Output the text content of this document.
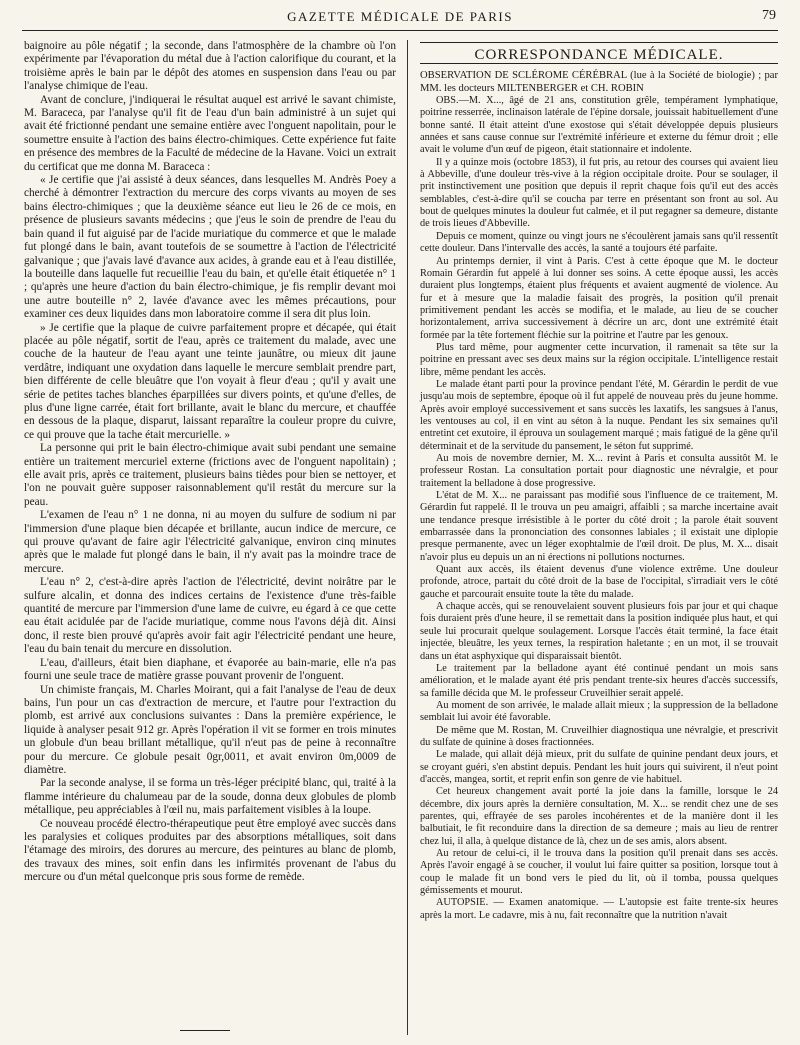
GAZETTE MÉDICALE DE PARIS	79

baignoire au pôle négatif ; la seconde, dans l'atmosphère de la chambre où l'on expérimente par l'évaporation du métal due à l'action calorifique du courant, et la troisième après le bain par le dépôt des atomes en suspension dans l'eau ou par l'analyse chimique de l'eau.

Avant de conclure, j'indiquerai le résultat auquel est arrivé le savant chimiste, M. Baraceca, par l'analyse qu'il fit de l'eau d'un bain administré à un sujet qui avait été frictionné pendant une semaine entière avec l'onguent napolitain, pour le soumettre ensuite à l'action des bains électro-chimiques. Cette expérience fut faite en présence des membres de la Faculté de médecine de la Havane. Voici un extrait du certificat que me donna M. Baraceca :

« Je certifie que j'ai assisté à deux séances, dans lesquelles M. Andrès Poey a cherché à démontrer l'extraction du mercure des corps vivants au moyen de ses bains électro-chimiques ; que la deuxième séance eut lieu le 26 de ce mois, en présence de plusieurs savants médecins ; que j'eus le soin de prendre de l'eau du bain quand il fut aiguisé par de l'acide muriatique du commerce et que le malade fut plongé dans le bain, avant toutefois de se soumettre à l'action de l'électricité galvanique ; que j'avais lavé d'avance aux acides, à grande eau et à l'eau distillée, la bouteille dans laquelle fut recueillie l'eau du bain, et qu'elle était étiquetée n° 1 ; qu'après une heure d'action du bain électro-chimique, je fis remplir devant moi une autre bouteille n° 2, lavée d'avance avec les mêmes précautions, pour examiner ces deux liquides dans mon laboratoire comme il sera dit plus loin.

» Je certifie que la plaque de cuivre parfaitement propre et décapée, qui était placée au pôle négatif, sortit de l'eau, après ce traitement du malade, avec une couche de la hauteur de l'eau ayant une teinte jaunâtre, ou mieux dit jaune verdâtre, indiquant une oxydation dans laquelle le mercure semblait prendre part, bien différente de celle bleuâtre que l'on voyait à fleur d'eau ; qu'il y avait une série de petites taches blanches éparpillées sur divers points, et qu'une d'elles, de plus d'une ligne carrée, était fort brillante, avait le blanc du mercure, et chauffée en dessous de la plaque, disparut, laissant reparaître la couleur propre du cuivre, ce qui prouve que la tache était mercurielle. »

La personne qui prit le bain électro-chimique avait subi pendant une semaine entière un traitement mercuriel externe (frictions avec de l'onguent napolitain) ; elle avait pris, après ce traitement, plusieurs bains tièdes pour bien se nettoyer, et l'on ne pouvait guère supposer raisonnablement qu'il restât du mercure sur la peau.

L'examen de l'eau n° 1 ne donna, ni au moyen du sulfure de sodium ni par l'immersion d'une plaque bien décapée et brillante, aucun indice de mercure, ce qui prouve qu'avant de faire agir l'électricité galvanique, environ cinq minutes après que le malade fut plongé dans le bain, il n'y avait pas la moindre trace de mercure.

L'eau n° 2, c'est-à-dire après l'action de l'électricité, devint noirâtre par le sulfure alcalin, et donna des indices certains de l'existence d'une très-faible quantité de mercure par l'immersion d'une lame de cuivre, eu égard à ce que cette eau était acidulée par de l'acide muriatique, comme nous l'avons déjà dit. Ainsi donc, il reste bien prouvé qu'après avoir fait agir l'électricité pendant une heure, l'eau du bain tenait du mercure en dissolution.

L'eau, d'ailleurs, était bien diaphane, et évaporée au bain-marie, elle n'a pas fourni une seule trace de matière grasse pouvant provenir de l'onguent.

Un chimiste français, M. Charles Moirant, qui a fait l'analyse de l'eau de deux bains, l'un pour un cas d'extraction de mercure, et l'autre pour l'extraction du plomb, est arrivé aux conclusions suivantes : Dans la première expérience, le liquide à analyser pesait 912 gr. Après l'opération il vit se former en trois minutes un globule d'un beau brillant métallique, qu'il n'eut pas de peine à reconnaître pour du mercure. Ce globule pesait 0gr,0011, et avait environ 0m,0009 de diamètre.

Par la seconde analyse, il se forma un très-léger précipité blanc, qui, traité à la flamme intérieure du chalumeau par de la soude, donna deux globules de plomb métallique, peu appréciables à l'œil nu, mais parfaitement visibles à la loupe.

Ce nouveau procédé électro-thérapeutique peut être employé avec succès dans les paralysies et coliques produites par des absorptions métalliques, soit dans l'étamage des miroirs, des dorures au mercure, des peintures au blanc de plomb, des travaux des mines, soit enfin dans les infirmités provenant de l'abus du mercure ou d'un métal quelconque pris sous forme de remède.

CORRESPONDANCE MÉDICALE.

OBSERVATION DE SCLÉROME CÉRÉBRAL (lue à la Société de biologie) ; par MM. les docteurs MILTENBERGER et CH. ROBIN

OBS.—M. X..., âgé de 21 ans, constitution grêle, tempérament lymphatique, poitrine resserrée, inclinaison latérale de l'épine dorsale, jouissait habituellement d'une bonne santé. Il était atteint d'une exostose qui s'était développée depuis plusieurs années et sans cause connue sur l'extrémité inférieure et externe du fémur droit ; elle avait le volume d'un œuf de pigeon, était stationnaire et indolente.

Il y a quinze mois (octobre 1853), il fut pris, au retour des courses qui avaient lieu à Abbeville, d'une douleur très-vive à la région occipitale droite. Pour se soulager, il prit instinctivement une position que depuis il reprit chaque fois qu'il eut des accès semblables, c'est-à-dire qu'il se coucha par terre en présentant son front au sol. Au bout de quelques minutes la douleur fut calmée, et il put regagner sa demeure, distante de trois lieues d'Abbeville.

Depuis ce moment, quinze ou vingt jours ne s'écoulèrent jamais sans qu'il ressentît cette douleur. Dans l'intervalle des accès, la santé a toujours été parfaite.

Au printemps dernier, il vint à Paris. C'est à cette époque que M. le docteur Romain Gérardin fut appelé à lui donner ses soins. A cette époque aussi, les accès duraient plus longtemps, étaient plus fréquents et avaient augmenté de violence. Au fur et à mesure que la maladie faisait des progrès, la position qu'il prenait primitivement pendant les accès se modifia, et le malade, au lieu de se coucher horizontalement, arriva successivement à décrire un arc, dont une extrémité était formée par la tête fortement fléchie sur la poitrine et l'autre par les genoux.

Plus tard même, pour augmenter cette incurvation, il ramenait sa tête sur la poitrine en pressant avec ses deux mains sur la région occipitale. L'intelligence restait libre, même pendant les accès.

Le malade étant parti pour la province pendant l'été, M. Gérardin le perdit de vue jusqu'au mois de septembre, époque où il fut appelé de nouveau près du jeune homme. Après avoir employé successivement et sans succès les laxatifs, les sangsues à l'anus, les ventouses au col, il en vint au séton à la nuque. Pendant les six semaines qu'il entretint cet exutoire, il éprouva un soulagement marqué ; mais fatigué de la gêne qu'il déterminait et de la servitude du pansement, le séton fut supprimé.

Au mois de novembre dernier, M. X... revint à Paris et consulta aussitôt M. le professeur Rostan. La consultation portait pour diagnostic une névralgie, et pour traitement la belladone à dose progressive.

L'état de M. X... ne paraissant pas modifié sous l'influence de ce traitement, M. Gérardin fut rappelé. Il le trouva un peu amaigri, affaibli ; sa marche incertaine avait une tendance presque irrésistible à le porter du côté droit ; la parole était souvent embarrassée dans la prononciation des consonnes labiales ; il existait une diplopie presque permanente, avec un léger exophtalmie de l'œil droit. De plus, M. X... disait n'avoir plus eu depuis un an ni érections ni pollutions nocturnes.

Quant aux accès, ils étaient devenus d'une violence extrême. Une douleur profonde, atroce, partait du côté droit de la base de l'occipital, s'irradiait vers le côté gauche et parcourait ensuite toute la tête du malade.

A chaque accès, qui se renouvelaient souvent plusieurs fois par jour et qui chaque fois duraient près d'une heure, il se remettait dans la position indiquée plus haut, et qui seule lui procurait quelque soulagement. Lorsque l'accès était terminé, la face était injectée, bleuâtre, les yeux ternes, la respiration haletante ; en un mot, il se trouvait dans un état asphyxique qui disparaissait bientôt.

Le traitement par la belladone ayant été continué pendant un mois sans amélioration, et le malade ayant été pris pendant trente-six heures d'accès successifs, sa famille décida que M. le professeur Cruveilhier serait appelé.

Au moment de son arrivée, le malade allait mieux ; la suppression de la belladone semblait lui avoir été favorable.

De même que M. Rostan, M. Cruveilhier diagnostiqua une névralgie, et prescrivit du sulfate de quinine à doses fractionnées.

Le malade, qui allait déjà mieux, prit du sulfate de quinine pendant deux jours, et se croyant guéri, s'en abstint depuis. Pendant les huit jours qui suivirent, il n'eut point d'accès, mangea, sortit, et reprit enfin son genre de vie habituel.

Cet heureux changement avait porté la joie dans la famille, lorsque le 24 décembre, dix jours après la dernière consultation, M. X... se rendit chez une de ses parentes, qui, effrayée de ses paroles incohérentes et de la manière dont il les balbutiait, le fit reconduire dans la direction de sa demeure ; mais au lieu de rentrer chez lui, il alla, à quelque distance de là, chez un de ses amis, alors absent.

Au retour de celui-ci, il le trouva dans la position qu'il prenait dans ses accès. Après l'avoir engagé à se coucher, il voulut lui faire quitter sa position, lorsque tout à coup le malade fit un bond vers le pied du lit, où il tomba, poussa quelques gémissements et mourut.

AUTOPSIE. — Examen anatomique. — L'autopsie est faite trente-six heures après la mort. Le cadavre, mis à nu, fait reconnaître que la nutrition n'avait
